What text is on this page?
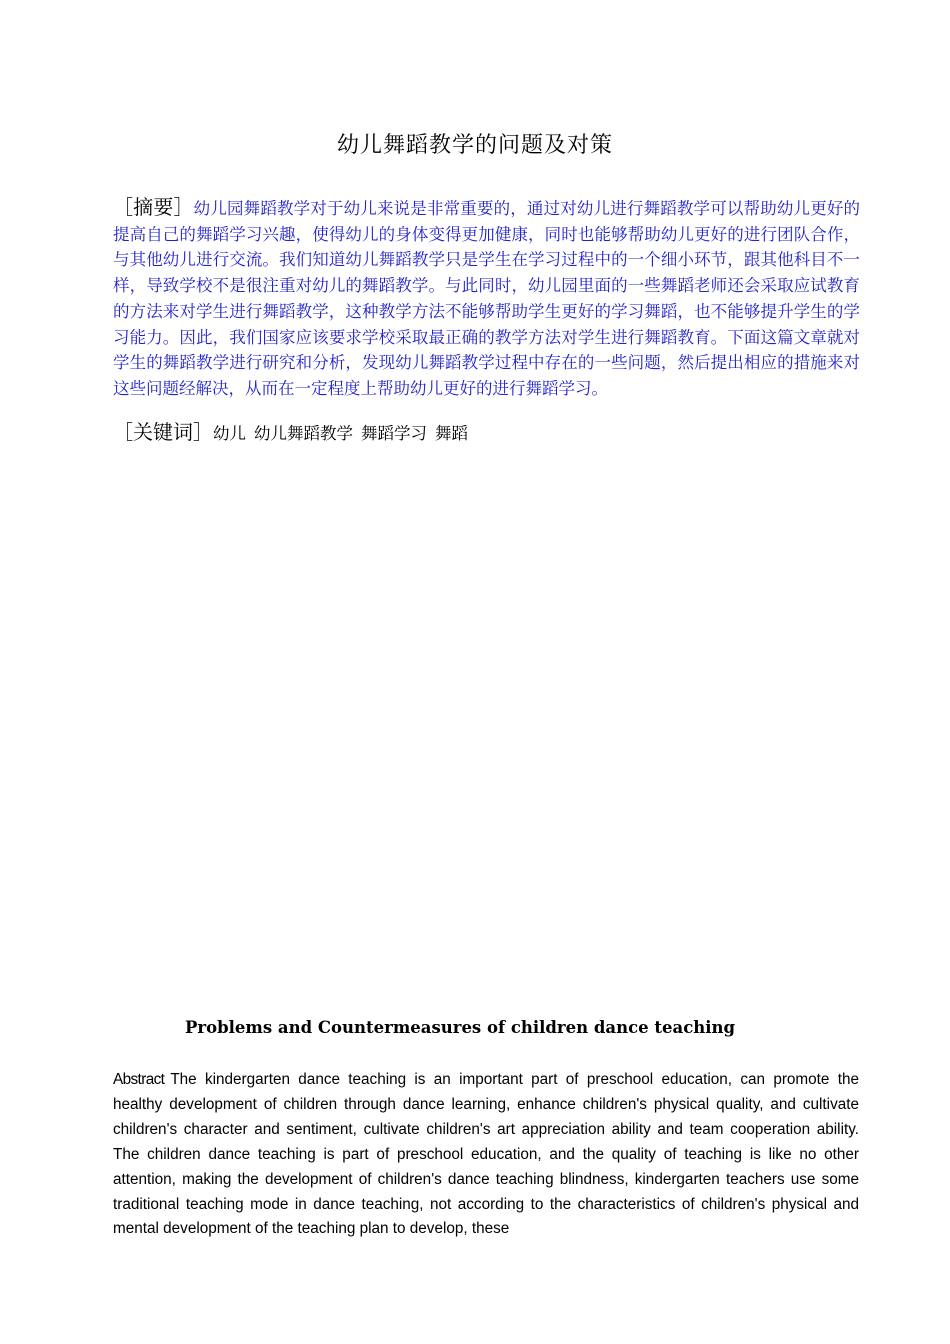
幼儿舞蹈教学的问题及对策
［摘要］幼儿园舞蹈教学对于幼儿来说是非常重要的，通过对幼儿进行舞蹈教学可以帮助幼儿更好的提高自己的舞蹈学习兴趣，使得幼儿的身体变得更加健康，同时也能够帮助幼儿更好的进行团队合作，与其他幼儿进行交流。我们知道幼儿舞蹈教学只是学生在学习过程中的一个细小环节，跟其他科目不一样，导致学校不是很注重对幼儿的舞蹈教学。与此同时，幼儿园里面的一些舞蹈老师还会采取应试教育的方法来对学生进行舞蹈教学，这种教学方法不能够帮助学生更好的学习舞蹈，也不能够提升学生的学习能力。因此，我们国家应该要求学校采取最正确的教学方法对学生进行舞蹈教育。下面这篇文章就对学生的舞蹈教学进行研究和分析，发现幼儿舞蹈教学过程中存在的一些问题，然后提出相应的措施来对这些问题经解决，从而在一定程度上帮助幼儿更好的进行舞蹈学习。
［关键词］幼儿 幼儿舞蹈教学 舞蹈学习 舞蹈
Problems and Countermeasures of children dance teaching
Abstract The kindergarten dance teaching is an important part of preschool education, can promote the healthy development of children through dance learning, enhance children's physical quality, and cultivate children's character and sentiment, cultivate children's art appreciation ability and team cooperation ability. The children dance teaching is part of preschool education, and the quality of teaching is like no other attention, making the development of children's dance teaching blindness, kindergarten teachers use some traditional teaching mode in dance teaching, not according to the characteristics of children's physical and mental development of the teaching plan to develop, these
